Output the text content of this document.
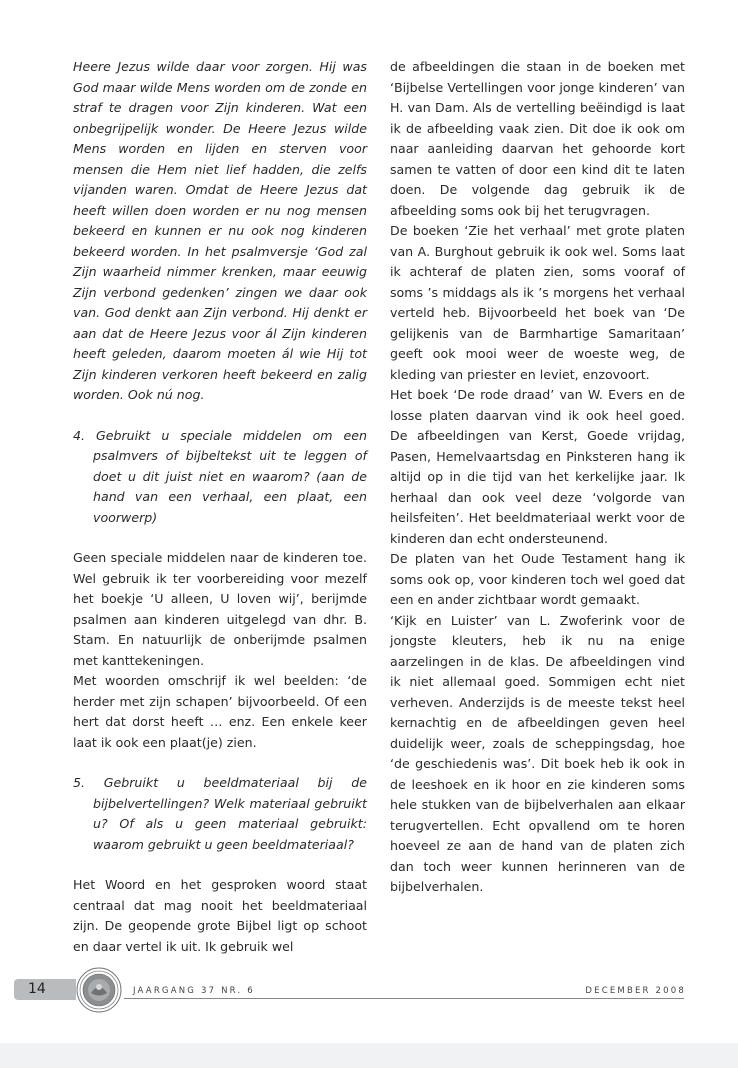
Heere Jezus wilde daar voor zorgen. Hij was God maar wilde Mens worden om de zonde en straf te dragen voor Zijn kinderen. Wat een onbegrijpelijk wonder. De Heere Jezus wilde Mens worden en lijden en sterven voor mensen die Hem niet lief hadden, die zelfs vijanden waren. Omdat de Heere Jezus dat heeft willen doen worden er nu nog mensen bekeerd en kunnen er nu ook nog kinderen bekeerd worden. In het psalmversje ‘God zal Zijn waarheid nimmer krenken, maar eeuwig Zijn verbond gedenken’ zingen we daar ook van. God denkt aan Zijn verbond. Hij denkt er aan dat de Heere Jezus voor ál Zijn kinderen heeft geleden, daarom moeten ál wie Hij tot Zijn kinderen verkoren heeft bekeerd en zalig worden. Ook nú nog.

4. Gebruikt u speciale middelen om een psalmvers of bijbeltekst uit te leggen of doet u dit juist niet en waarom? (aan de hand van een verhaal, een plaat, een voorwerp)

Geen speciale middelen naar de kinderen toe. Wel gebruik ik ter voorbereiding voor mezelf het boekje ‘U alleen, U loven wij’, berijmde psalmen aan kinderen uitgelegd van dhr. B. Stam. En natuurlijk de onberijmde psalmen met kanttekeningen.

Met woorden omschrijf ik wel beelden: ‘de herder met zijn schapen’ bijvoorbeeld. Of een hert dat dorst heeft … enz. Een enkele keer laat ik ook een plaat(je) zien.

5. Gebruikt u beeldmateriaal bij de bijbelvertellingen? Welk materiaal gebruikt u? Of als u geen materiaal gebruikt: waarom gebruikt u geen beeldmateriaal?

Het Woord en het gesproken woord staat centraal dat mag nooit het beeldmateriaal zijn. De geopende grote Bijbel ligt op schoot en daar vertel ik uit. Ik gebruik wel

de afbeeldingen die staan in de boeken met ‘Bijbelse Vertellingen voor jonge kinderen’ van H. van Dam. Als de vertelling beëindigd is laat ik de afbeelding vaak zien. Dit doe ik ook om naar aanleiding daarvan het gehoorde kort samen te vatten of door een kind dit te laten doen. De volgende dag gebruik ik de afbeelding soms ook bij het terugvragen.

De boeken ‘Zie het verhaal’ met grote platen van A. Burghout gebruik ik ook wel. Soms laat ik achteraf de platen zien, soms vooraf of soms ’s middags als ik ’s morgens het verhaal verteld heb. Bijvoorbeeld het boek van ‘De gelijkenis van de Barmhartige Samaritaan’ geeft ook mooi weer de woeste weg, de kleding van priester en leviet, enzovoort.

Het boek ‘De rode draad’ van W. Evers en de losse platen daarvan vind ik ook heel goed. De afbeeldingen van Kerst, Goede vrijdag, Pasen, Hemelvaartsdag en Pinksteren hang ik altijd op in die tijd van het kerkelijke jaar. Ik herhaal dan ook veel deze ‘volgorde van heilsfeiten’. Het beeldmateriaal werkt voor de kinderen dan echt ondersteunend.

De platen van het Oude Testament hang ik soms ook op, voor kinderen toch wel goed dat een en ander zichtbaar wordt gemaakt.

‘Kijk en Luister’ van L. Zwoferink voor de jongste kleuters, heb ik nu na enige aarzelingen in de klas. De afbeeldingen vind ik niet allemaal goed. Sommigen echt niet verheven. Anderzijds is de meeste tekst heel kernachtig en de afbeeldingen geven heel duidelijk weer, zoals de scheppingsdag, hoe ‘de geschiedenis was’. Dit boek heb ik ook in de leeshoek en ik hoor en zie kinderen soms hele stukken van de bijbelverhalen aan elkaar terugvertellen. Echt opvallend om te horen hoeveel ze aan de hand van de platen zich dan toch weer kunnen herinneren van de bijbelverhalen.

14	JAARGANG 37 NR. 6	DECEMBER 2008
